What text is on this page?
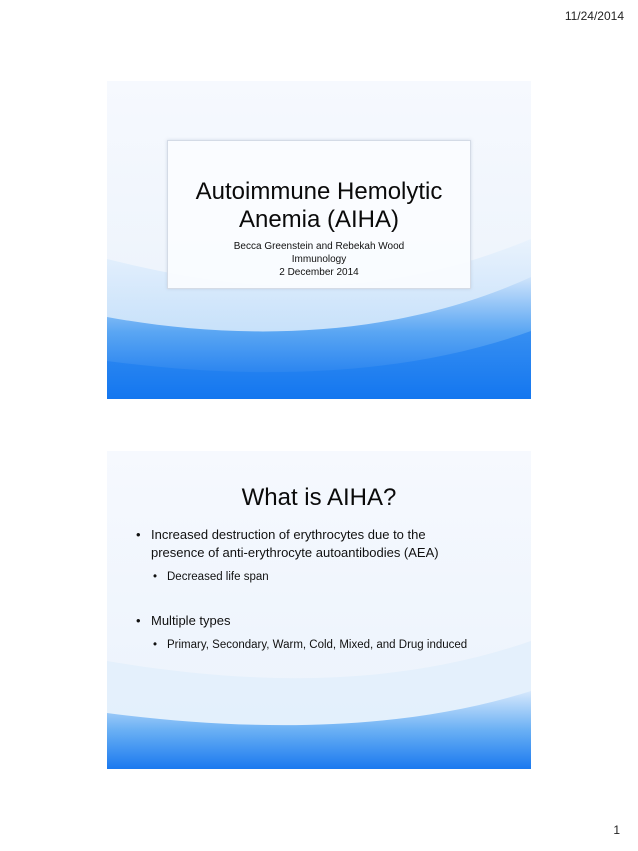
11/24/2014
Autoimmune Hemolytic
Anemia (AIHA)
Becca Greenstein and Rebekah Wood
Immunology
2 December 2014
What is AIHA?
• Increased destruction of erythrocytes due to the presence of anti-erythrocyte autoantibodies (AEA)
• Decreased life span
• Multiple types
• Primary, Secondary, Warm, Cold, Mixed, and Drug induced
1
